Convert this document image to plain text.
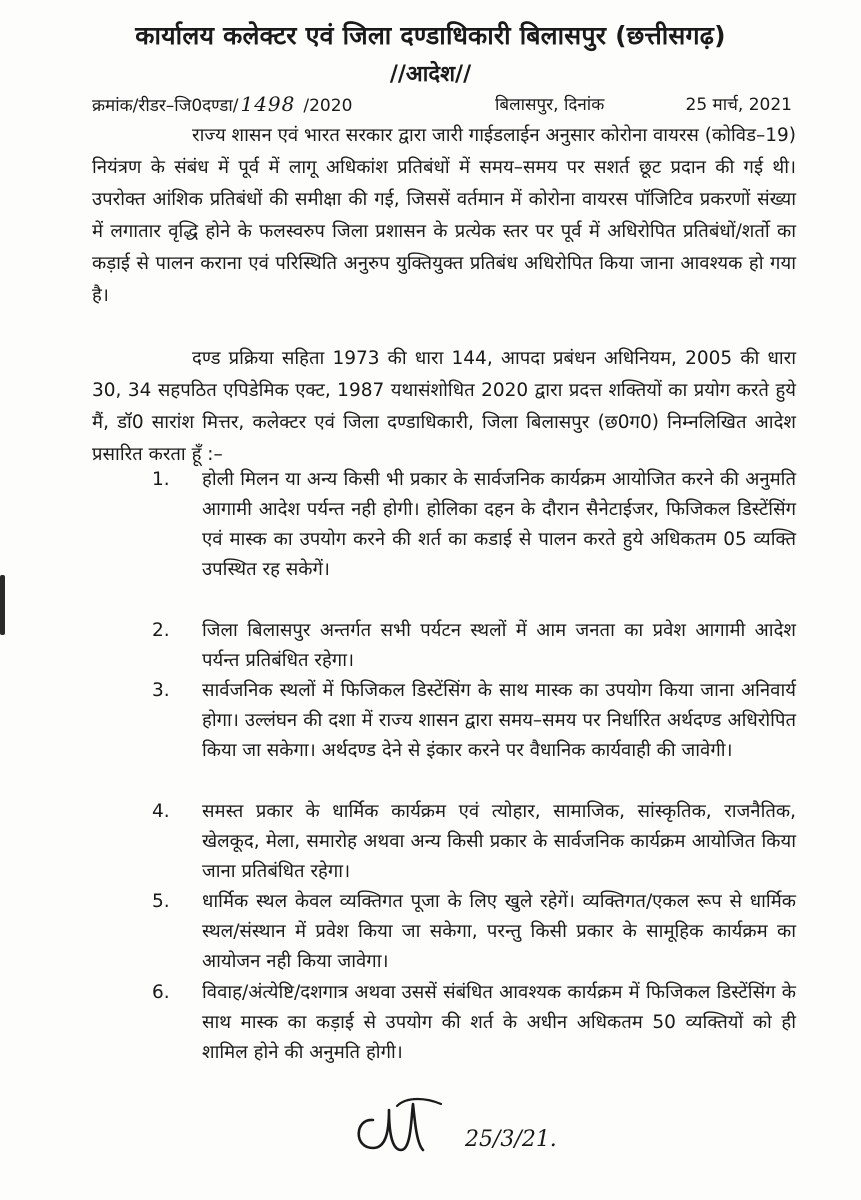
कार्यालय कलेक्टर एवं जिला दण्डाधिकारी बिलासपुर (छत्तीसगढ़)
//आदेश//
क्रमांक/रीडर–जि0दण्डा/ 1498 /2020	बिलासपुर, दिनांक	25 मार्च, 2021

राज्य शासन एवं भारत सरकार द्वारा जारी गाईडलाईन अनुसार कोरोना वायरस (कोविड–19) नियंत्रण के संबंध में पूर्व में लागू अधिकांश प्रतिबंधों में समय–समय पर सशर्त छूट प्रदान की गई थी। उपरोक्त आंशिक प्रतिबंधों की समीक्षा की गई, जिससें वर्तमान में कोरोना वायरस पॉजिटिव प्रकरणों संख्या में लगातार वृद्धि होने के फलस्वरुप जिला प्रशासन के प्रत्येक स्तर पर पूर्व में अधिरोपित प्रतिबंधों/शर्तो का कड़ाई से पालन कराना एवं परिस्थिति अनुरुप युक्तियुक्त प्रतिबंध अधिरोपित किया जाना आवश्यक हो गया है।

दण्ड प्रक्रिया सहिता 1973 की धारा 144, आपदा प्रबंधन अधिनियम, 2005 की धारा 30, 34 सहपठित एपिडेमिक एक्ट, 1987 यथासंशोधित 2020 द्वारा प्रदत्त शक्तियों का प्रयोग करते हुये मैं, डॉ0 सारांश मित्तर, कलेक्टर एवं जिला दण्डाधिकारी, जिला बिलासपुर (छ0ग0) निम्नलिखित आदेश प्रसारित करता हूँ :–

1.	होली मिलन या अन्य किसी भी प्रकार के सार्वजनिक कार्यक्रम आयोजित करने की अनुमति आगामी आदेश पर्यन्त नही होगी। होलिका दहन के दौरान सैनेटाईजर, फिजिकल डिस्टेंसिंग एवं मास्क का उपयोग करने की शर्त का कडाई से पालन करते हुये अधिकतम 05 व्यक्ति उपस्थित रह सकेगें।
2.	जिला बिलासपुर अन्तर्गत सभी पर्यटन स्थलों में आम जनता का प्रवेश आगामी आदेश पर्यन्त प्रतिबंधित रहेगा।
3.	सार्वजनिक स्थलों में फिजिकल डिस्टेंसिंग के साथ मास्क का उपयोग किया जाना अनिवार्य होगा। उल्लंघन की दशा में राज्य शासन द्वारा समय–समय पर निर्धारित अर्थदण्ड अधिरोपित किया जा सकेगा। अर्थदण्ड देने से इंकार करने पर वैधानिक कार्यवाही की जावेगी।
4.	समस्त प्रकार के धार्मिक कार्यक्रम एवं त्योहार, सामाजिक, सांस्कृतिक, राजनैतिक, खेलकूद, मेला, समारोह अथवा अन्य किसी प्रकार के सार्वजनिक कार्यक्रम आयोजित किया जाना प्रतिबंधित रहेगा।
5.	धार्मिक स्थल केवल व्यक्तिगत पूजा के लिए खुले रहेगें। व्यक्तिगत/एकल रूप से धार्मिक स्थल/संस्थान में प्रवेश किया जा सकेगा, परन्तु किसी प्रकार के सामूहिक कार्यक्रम का आयोजन नही किया जावेगा।
6.	विवाह/अंत्येष्टि/दशगात्र अथवा उससें संबंधित आवश्यक कार्यक्रम में फिजिकल डिस्टेंसिंग के साथ मास्क का कड़ाई से उपयोग की शर्त के अधीन अधिकतम 50 व्यक्तियों को ही शामिल होने की अनुमति होगी।
25/3/21.
